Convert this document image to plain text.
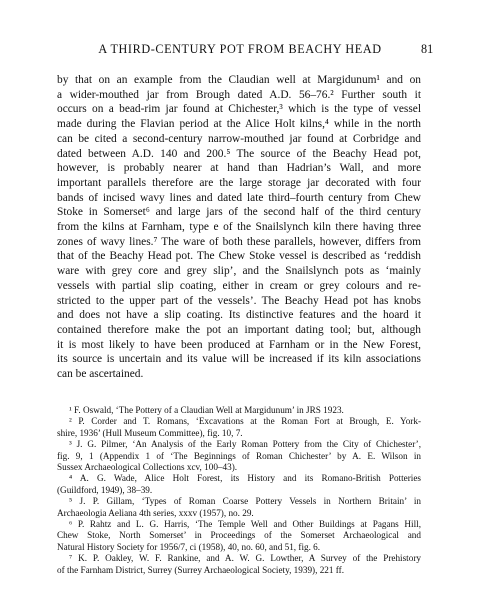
A THIRD-CENTURY POT FROM BEACHY HEAD	81
by that on an example from the Claudian well at Margidunum¹ and on
a wider-mouthed jar from Brough dated A.D. 56–76.² Further south it
occurs on a bead-rim jar found at Chichester,³ which is the type of vessel
made during the Flavian period at the Alice Holt kilns,⁴ while in the north
can be cited a second-century narrow-mouthed jar found at Corbridge and
dated between A.D. 140 and 200.⁵ The source of the Beachy Head pot,
however, is probably nearer at hand than Hadrian’s Wall, and more
important parallels therefore are the large storage jar decorated with four
bands of incised wavy lines and dated late third–fourth century from Chew
Stoke in Somerset⁶ and large jars of the second half of the third century
from the kilns at Farnham, type e of the Snailslynch kiln there having three
zones of wavy lines.⁷ The ware of both these parallels, however, differs from
that of the Beachy Head pot. The Chew Stoke vessel is described as ‘reddish
ware with grey core and grey slip’, and the Snailslynch pots as ‘mainly
vessels with partial slip coating, either in cream or grey colours and re-
stricted to the upper part of the vessels’. The Beachy Head pot has knobs
and does not have a slip coating. Its distinctive features and the hoard it
contained therefore make the pot an important dating tool; but, although
it is most likely to have been produced at Farnham or in the New Forest,
its source is uncertain and its value will be increased if its kiln associations
can be ascertained.
¹ F. Oswald, ‘The Pottery of a Claudian Well at Margidunum’ in JRS 1923.
² P. Corder and T. Romans, ‘Excavations at the Roman Fort at Brough, E. York-
shire, 1936’ (Hull Museum Committee), fig. 10, 7.
³ J. G. Pilmer, ‘An Analysis of the Early Roman Pottery from the City of Chichester’,
fig. 9, 1 (Appendix 1 of ‘The Beginnings of Roman Chichester’ by A. E. Wilson in
Sussex Archaeological Collections xcv, 100–43).
⁴ A. G. Wade, Alice Holt Forest, its History and its Romano-British Potteries
(Guildford, 1949), 38–39.
⁵ J. P. Gillam, ‘Types of Roman Coarse Pottery Vessels in Northern Britain’ in
Archaeologia Aeliana 4th series, xxxv (1957), no. 29.
⁶ P. Rahtz and L. G. Harris, ‘The Temple Well and Other Buildings at Pagans Hill,
Chew Stoke, North Somerset’ in Proceedings of the Somerset Archaeological and
Natural History Society for 1956/7, ci (1958), 40, no. 60, and 51, fig. 6.
⁷ K. P. Oakley, W. F. Rankine, and A. W. G. Lowther, A Survey of the Prehistory
of the Farnham District, Surrey (Surrey Archaeological Society, 1939), 221 ff.
